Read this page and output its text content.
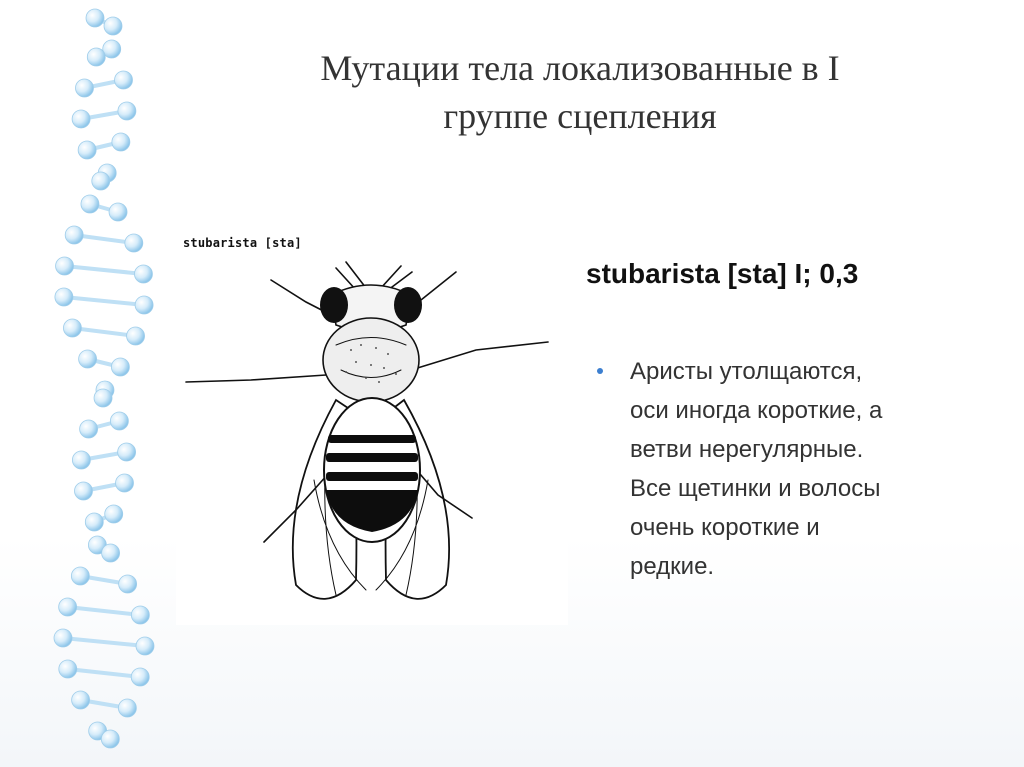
Мутации тела локализованные в I
группе сцепления
stubarista [sta]
stubarista [sta] I; 0,3
Аристы утолщаются,
оси иногда короткие, а
ветви нерегулярные.
Все щетинки и волосы
очень короткие и
редкие.
